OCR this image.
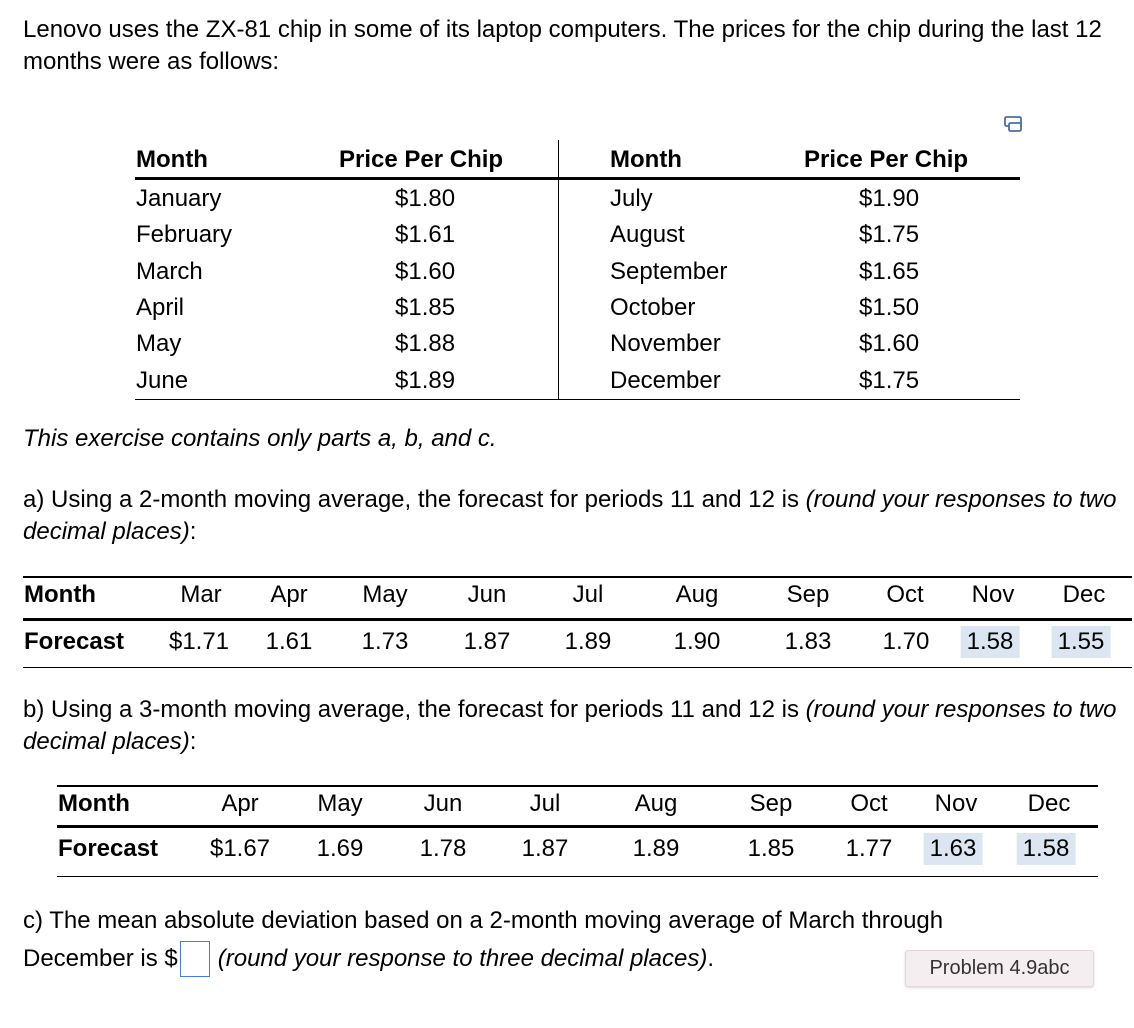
Lenovo uses the ZX-81 chip in some of its laptop computers. The prices for the chip during the last 12 months were as follows:
Month	Price Per Chip
January	$1.80
February	$1.61
March	$1.60
April	$1.85
May	$1.88
June	$1.89
Month	Price Per Chip
July	$1.90
August	$1.75
September	$1.65
October	$1.50
November	$1.60
December	$1.75
This exercise contains only parts a, b, and c.
a) Using a 2-month moving average, the forecast for periods 11 and 12 is (round your responses to two decimal places):
Month	Mar Apr May Jun	Jul	Aug	Sep Oct Nov Dec
Forecast $1.71 1.61 1.73 1.87 1.89	1.90	1.83 1.70 1.58 1.55
b) Using a 3-month moving average, the forecast for periods 11 and 12 is (round your responses to two decimal places):
Month	Apr May	Jun	Jul	Aug	Sep Oct Nov Dec
Forecast $1.67 1.69 1.78 1.87	1.89	1.85 1.77 1.63 1.58
c) The mean absolute deviation based on a 2-month moving average of March through
December is $ (round your response to three decimal places) .	Problem 4.9abc
